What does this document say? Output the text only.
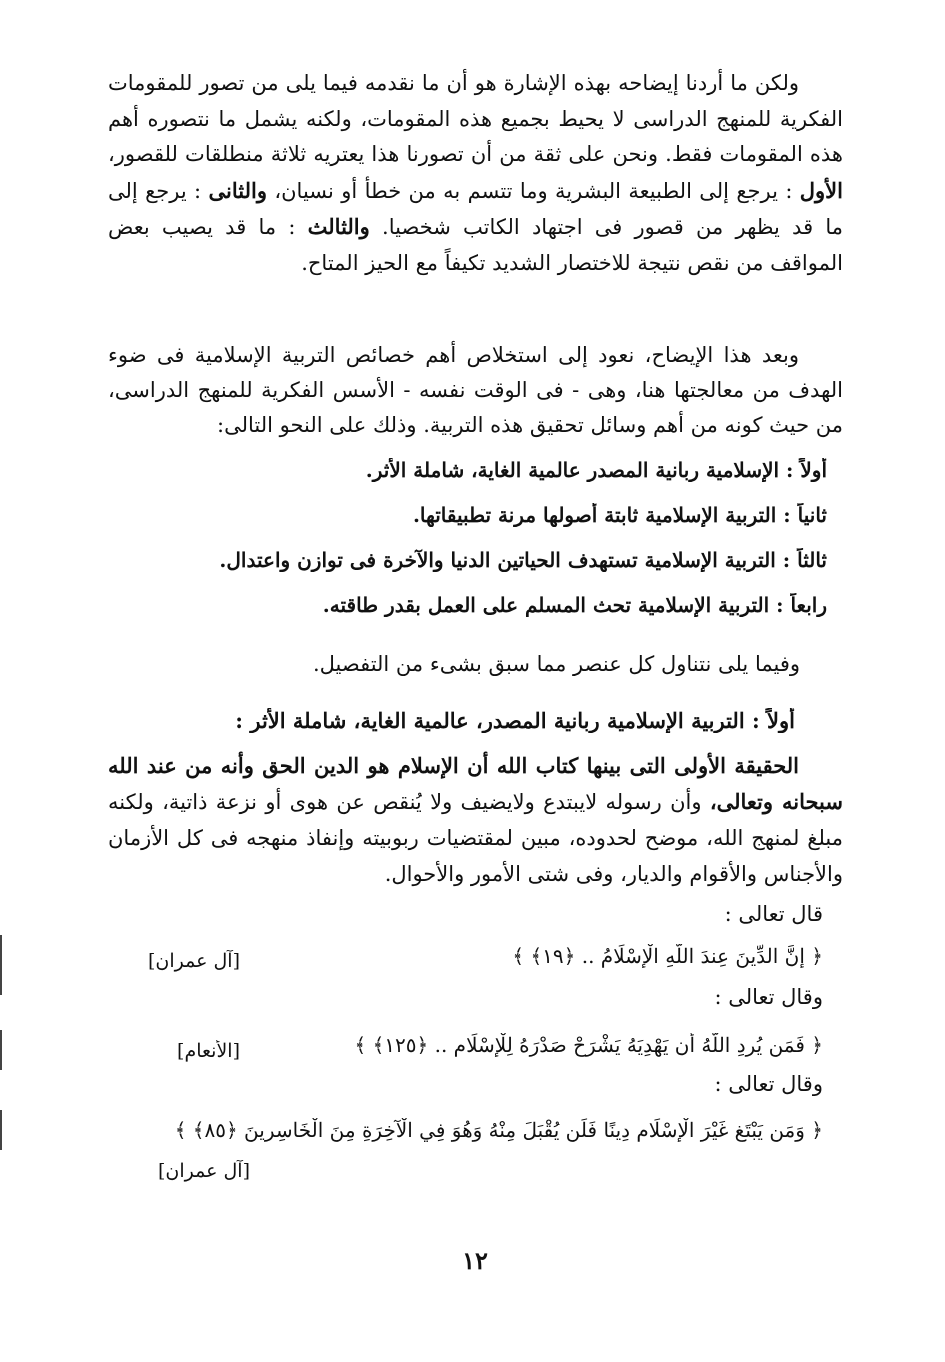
ولكن ما أردنا إيضاحه بهذه الإشارة هو أن ما نقدمه فيما يلى من تصور للمقومات الفكرية للمنهج الدراسى لا يحيط بجميع هذه المقومات، ولكنه يشمل ما نتصوره أهم هذه المقومات فقط. ونحن على ثقة من أن تصورنا هذا يعتريه ثلاثة منطلقات للقصور، الأول : يرجع إلى الطبيعة البشرية وما تتسم به من خطأ أو نسيان، والثانى : يرجع إلى ما قد يظهر من قصور فى اجتهاد الكاتب شخصيا. والثالث : ما قد يصيب بعض المواقف من نقص نتيجة للاختصار الشديد تكيفاً مع الحيز المتاح.
وبعد هذا الإيضاح، نعود إلى استخلاص أهم خصائص التربية الإسلامية فى ضوء الهدف من معالجتها هنا، وهى - فى الوقت نفسه - الأسس الفكرية للمنهج الدراسى، من حيث كونه من أهم وسائل تحقيق هذه التربية. وذلك على النحو التالى:
أولاً : الإسلامية ربانية المصدر عالمية الغاية، شاملة الأثر.
ثانياً : التربية الإسلامية ثابتة أصولها مرنة تطبيقاتها.
ثالثاً : التربية الإسلامية تستهدف الحياتين الدنيا والآخرة فى توازن واعتدال.
رابعاً : التربية الإسلامية تحث المسلم على العمل بقدر طاقته.
وفيما يلى نتناول كل عنصر مما سبق بشىء من التفصيل.
أولاً : التربية الإسلامية ربانية المصدر، عالمية الغاية، شاملة الأثر :
الحقيقة الأولى التى بينها كتاب الله أن الإسلام هو الدين الحق وأنه من عند الله سبحانه وتعالى، وأن رسوله لايبتدع ولايضيف ولا يُنقص عن هوى أو نزعة ذاتية، ولكنه مبلغ لمنهج الله، موضح لحدوده، مبين لمقتضيات ربوبيته وإنفاذ منهجه فى كل الأزمان والأجناس والأقوام والديار، وفى شتى الأمور والأحوال.
قال تعالى :
﴿ إِنَّ الدِّينَ عِندَ اللَّهِ الْإِسْلَامُ .. ﴿١٩﴾ ﴾
[آل عمران]
وقال تعالى :
﴿ فَمَن يُرِدِ اللَّهُ أَن يَهْدِيَهُ يَشْرَحْ صَدْرَهُ لِلْإِسْلَامِ .. ﴿١٢٥﴾ ﴾
[الأنعام]
وقال تعالى :
﴿ وَمَن يَبْتَغِ غَيْرَ الْإِسْلَامِ دِينًا فَلَن يُقْبَلَ مِنْهُ وَهُوَ فِي الْآخِرَةِ مِنَ الْخَاسِرِينَ ﴿٨٥﴾ ﴾
[آل عمران]
١٢
